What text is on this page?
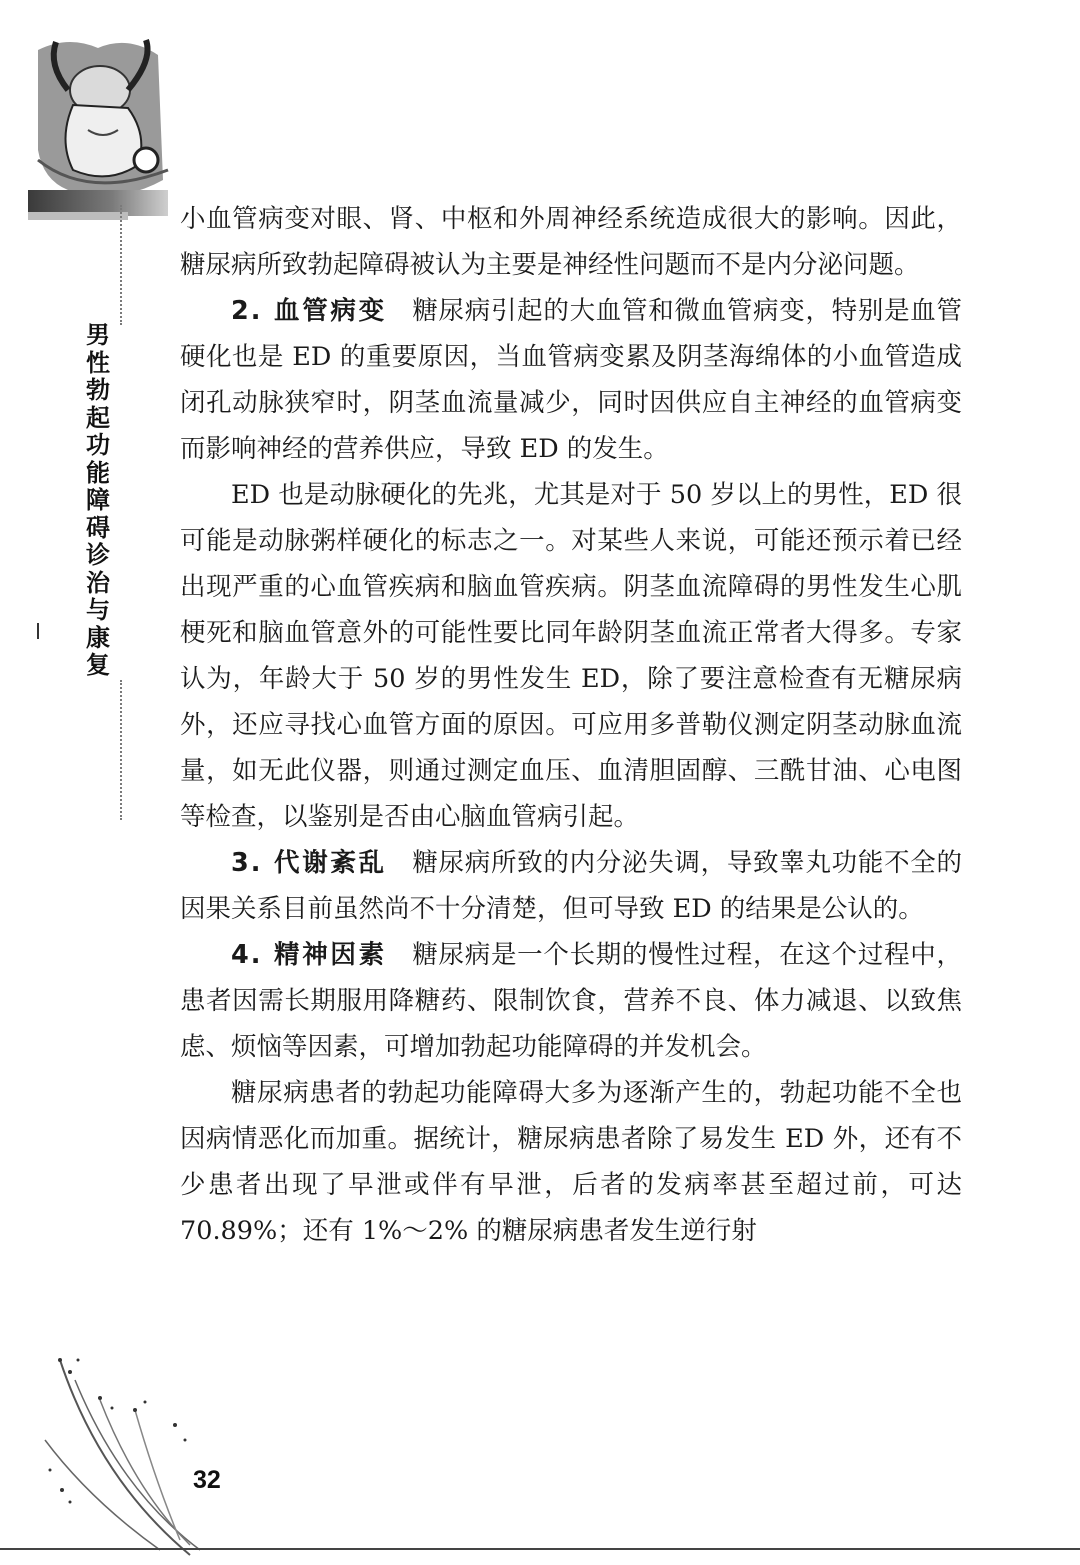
男
性
勃
起
功
能
障
碍
诊
治
与
康
复

小血管病变对眼、肾、中枢和外周神经系统造成很大的影响。因此，糖尿病所致勃起障碍被认为主要是神经性问题而不是内分泌问题。

2. 血管病变 糖尿病引起的大血管和微血管病变，特别是血管硬化也是 ED 的重要原因，当血管病变累及阴茎海绵体的小血管造成闭孔动脉狭窄时，阴茎血流量减少，同时因供应自主神经的血管病变而影响神经的营养供应，导致 ED 的发生。

ED 也是动脉硬化的先兆，尤其是对于 50 岁以上的男性，ED 很可能是动脉粥样硬化的标志之一。对某些人来说，可能还预示着已经出现严重的心血管疾病和脑血管疾病。阴茎血流障碍的男性发生心肌梗死和脑血管意外的可能性要比同年龄阴茎血流正常者大得多。专家认为，年龄大于 50 岁的男性发生 ED，除了要注意检查有无糖尿病外，还应寻找心血管方面的原因。可应用多普勒仪测定阴茎动脉血流量，如无此仪器，则通过测定血压、血清胆固醇、三酰甘油、心电图等检查，以鉴别是否由心脑血管病引起。

3. 代谢紊乱 糖尿病所致的内分泌失调，导致睾丸功能不全的因果关系目前虽然尚不十分清楚，但可导致 ED 的结果是公认的。

4. 精神因素 糖尿病是一个长期的慢性过程，在这个过程中，患者因需长期服用降糖药、限制饮食，营养不良、体力减退、以致焦虑、烦恼等因素，可增加勃起功能障碍的并发机会。

糖尿病患者的勃起功能障碍大多为逐渐产生的，勃起功能不全也因病情恶化而加重。据统计，糖尿病患者除了易发生 ED 外，还有不少患者出现了早泄或伴有早泄，后者的发病率甚至超过前，可达 70.89%；还有 1%～2% 的糖尿病患者发生逆行射

32
